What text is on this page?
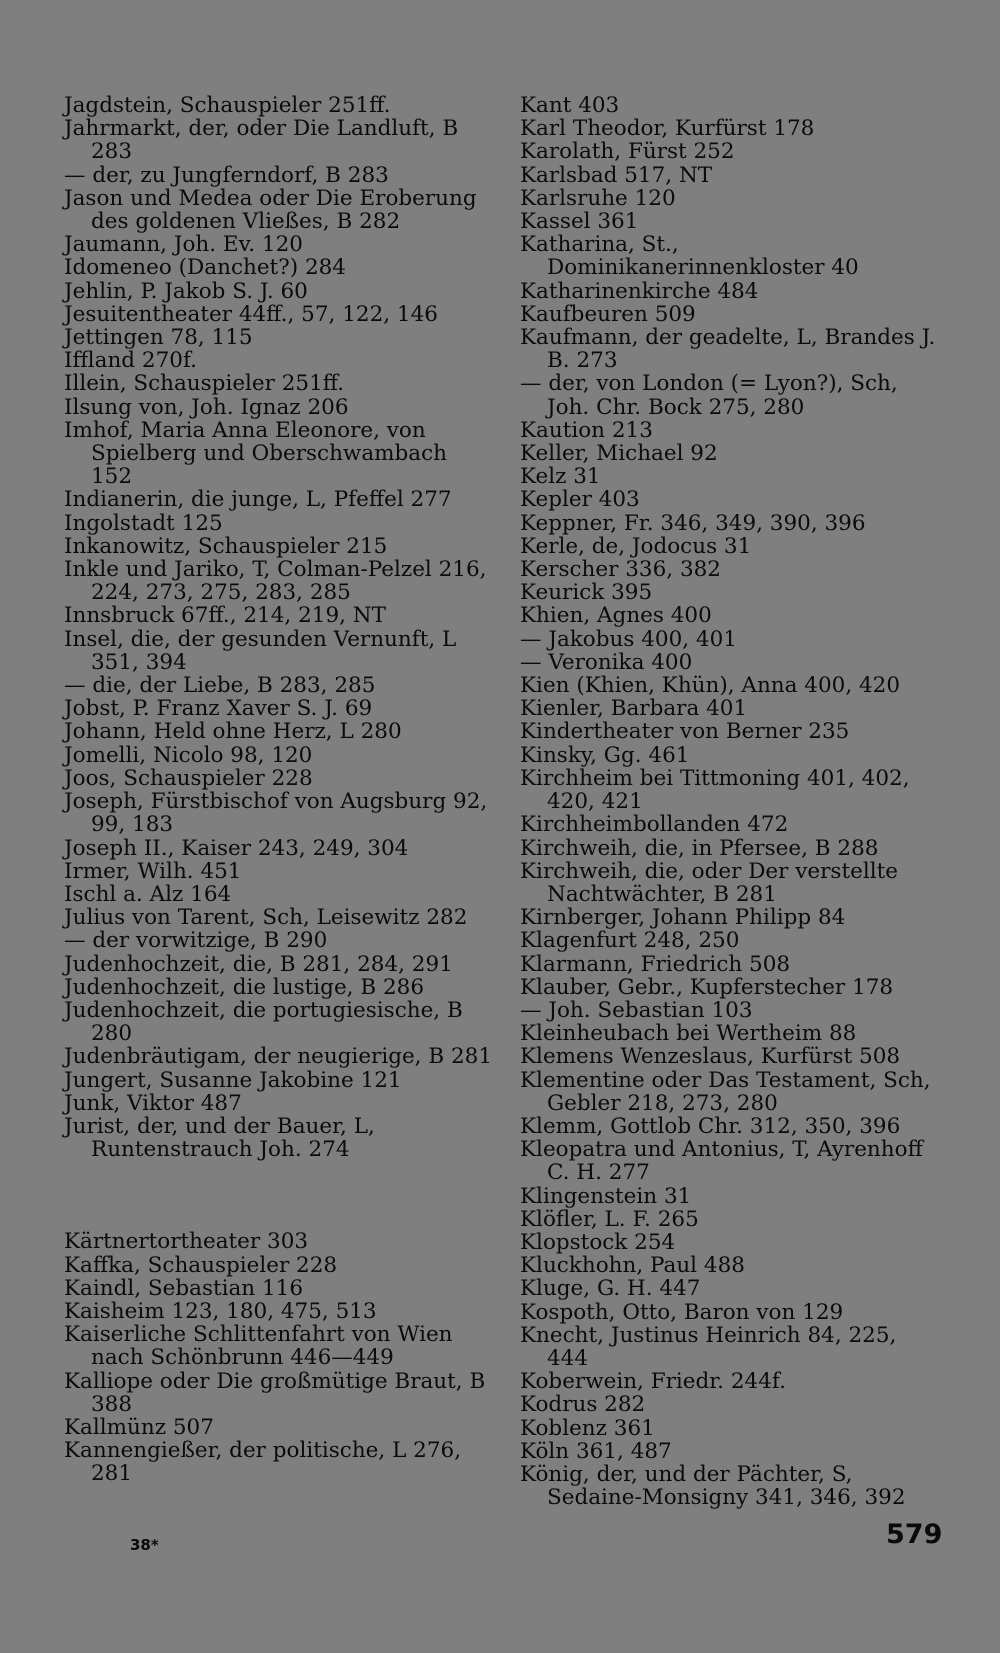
Jagdstein, Schauspieler 251ff.

Jahrmarkt, der, oder Die Landluft, B 283

— der, zu Jungferndorf, B 283

Jason und Medea oder Die Eroberung des goldenen Vließes, B 282

Jaumann, Joh. Ev. 120

Idomeneo (Danchet?) 284

Jehlin, P. Jakob S. J. 60

Jesuitentheater 44ff., 57, 122, 146

Jettingen 78, 115

Iffland 270f.

Illein, Schauspieler 251ff.

Ilsung von, Joh. Ignaz 206

Imhof, Maria Anna Eleonore, von Spielberg und Oberschwambach 152

Indianerin, die junge, L, Pfeffel 277

Ingolstadt 125

Inkanowitz, Schauspieler 215

Inkle und Jariko, T, Colman-Pelzel 216, 224, 273, 275, 283, 285

Innsbruck 67ff., 214, 219, NT

Insel, die, der gesunden Vernunft, L 351, 394

— die, der Liebe, B 283, 285

Jobst, P. Franz Xaver S. J. 69

Johann, Held ohne Herz, L 280

Jomelli, Nicolo 98, 120

Joos, Schauspieler 228

Joseph, Fürstbischof von Augsburg 92, 99, 183

Joseph II., Kaiser 243, 249, 304

Irmer, Wilh. 451

Ischl a. Alz 164

Julius von Tarent, Sch, Leisewitz 282

— der vorwitzige, B 290

Judenhochzeit, die, B 281, 284, 291

Judenhochzeit, die lustige, B 286

Judenhochzeit, die portugiesische, B 280

Judenbräutigam, der neugierige, B 281

Jungert, Susanne Jakobine 121

Junk, Viktor 487

Jurist, der, und der Bauer, L, Runtenstrauch Joh. 274

Kärtnertortheater 303

Kaffka, Schauspieler 228

Kaindl, Sebastian 116

Kaisheim 123, 180, 475, 513

Kaiserliche Schlittenfahrt von Wien nach Schönbrunn 446—449

Kalliope oder Die großmütige Braut, B 388

Kallmünz 507

Kannengießer, der politische, L 276, 281

Kant 403

Karl Theodor, Kurfürst 178

Karolath, Fürst 252

Karlsbad 517, NT

Karlsruhe 120

Kassel 361

Katharina, St., Dominikanerinnenkloster 40

Katharinenkirche 484

Kaufbeuren 509

Kaufmann, der geadelte, L, Brandes J. B. 273

— der, von London (= Lyon?), Sch, Joh. Chr. Bock 275, 280

Kaution 213

Keller, Michael 92

Kelz 31

Kepler 403

Keppner, Fr. 346, 349, 390, 396

Kerle, de, Jodocus 31

Kerscher 336, 382

Keurick 395

Khien, Agnes 400

— Jakobus 400, 401

— Veronika 400

Kien (Khien, Khün), Anna 400, 420

Kienler, Barbara 401

Kindertheater von Berner 235

Kinsky, Gg. 461

Kirchheim bei Tittmoning 401, 402, 420, 421

Kirchheimbollanden 472

Kirchweih, die, in Pfersee, B 288

Kirchweih, die, oder Der verstellte Nachtwächter, B 281

Kirnberger, Johann Philipp 84

Klagenfurt 248, 250

Klarmann, Friedrich 508

Klauber, Gebr., Kupferstecher 178

— Joh. Sebastian 103

Kleinheubach bei Wertheim 88

Klemens Wenzeslaus, Kurfürst 508

Klementine oder Das Testament, Sch, Gebler 218, 273, 280

Klemm, Gottlob Chr. 312, 350, 396

Kleopatra und Antonius, T, Ayrenhoff C. H. 277

Klingenstein 31

Klöfler, L. F. 265

Klopstock 254

Kluckhohn, Paul 488

Kluge, G. H. 447

Kospoth, Otto, Baron von 129

Knecht, Justinus Heinrich 84, 225, 444

Koberwein, Friedr. 244f.

Kodrus 282

Koblenz 361

Köln 361, 487

König, der, und der Pächter, S, Sedaine-Monsigny 341, 346, 392

38*	579
